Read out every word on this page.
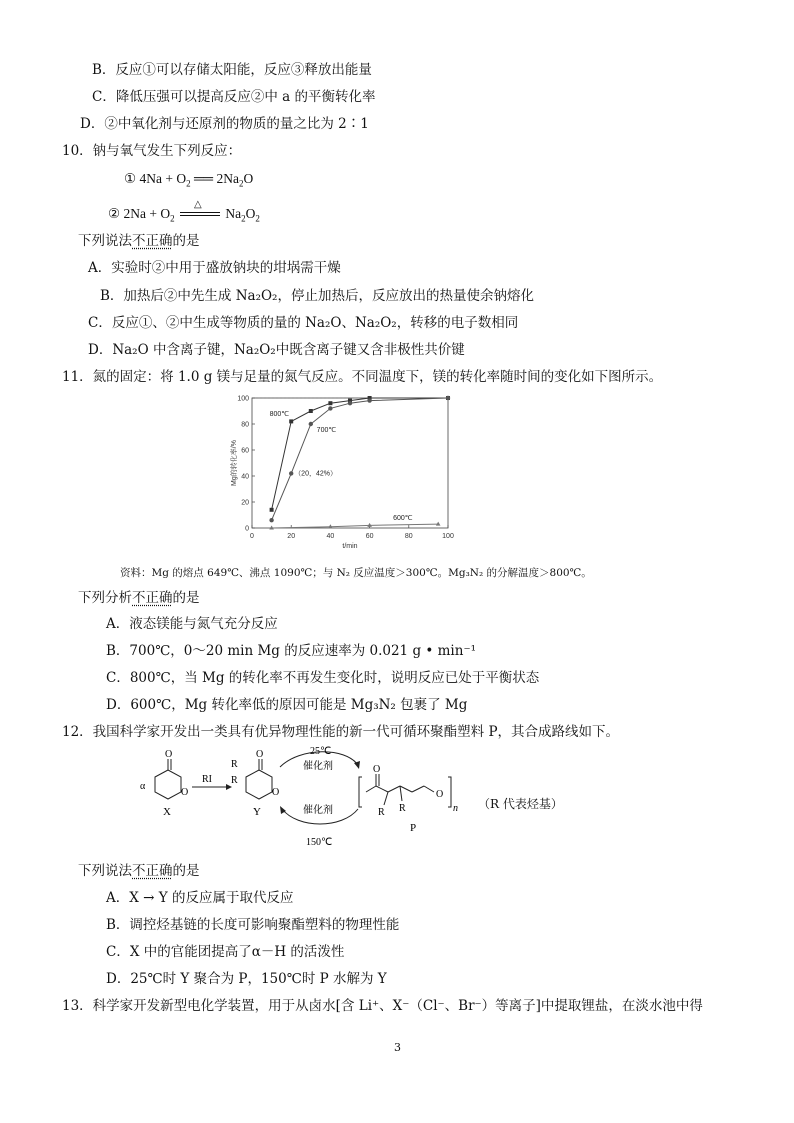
B．反应①可以存储太阳能，反应③释放出能量
C．降低压强可以提高反应②中 a 的平衡转化率
D．②中氧化剂与还原剂的物质的量之比为 2∶1
10．钠与氧气发生下列反应：
① $4Na + O_2$ ══ $2Na_2O$
② $2Na + O_2$
△
$Na_2O_2$
下列说法不正确的是
A．实验时②中用于盛放钠块的坩埚需干燥
B．加热后②中先生成 Na₂O₂，停止加热后，反应放出的热量使余钠熔化
C．反应①、②中生成等物质的量的 Na₂O、Na₂O₂，转移的电子数相同
D．Na₂O 中含离子键，Na₂O₂中既含离子键又含非极性共价键
11．氮的固定：将 1.0 g 镁与足量的氮气反应。不同温度下，镁的转化率随时间的变化如下图所示。
0	20	40	60	80	100
0
20
40
60
80
100
t/min
Mg的转化率/%
800℃
700℃
600℃
（20，42%）
资料：Mg 的熔点 649℃、沸点 1090℃；与 N₂ 反应温度＞300℃。Mg₃N₂ 的分解温度＞800℃。
下列分析不正确的是
A．液态镁能与氮气充分反应
B．700℃，0～20 min Mg 的反应速率为 0.021 g • min⁻¹
C．800℃，当 Mg 的转化率不再发生变化时，说明反应已处于平衡状态
D．600℃，Mg 转化率低的原因可能是 Mg₃N₂ 包裹了 Mg
12．我国科学家开发出一类具有优异物理性能的新一代可循环聚酯塑料 P，其合成路线如下。
O
O
α
X
RI
O
O
R
R
Y
25℃
催化剂
催化剂
150℃
O
O
R R	n
P
（R 代表烃基）
下列说法不正确的是
A．X → Y 的反应属于取代反应
B．调控烃基链的长度可影响聚酯塑料的物理性能
C．X 中的官能团提高了α－H 的活泼性
D．25℃时 Y 聚合为 P，150℃时 P 水解为 Y
13．科学家开发新型电化学装置，用于从卤水[含 Li⁺、X⁻（Cl⁻、Br⁻）等离子]中提取锂盐，在淡水池中得
3
